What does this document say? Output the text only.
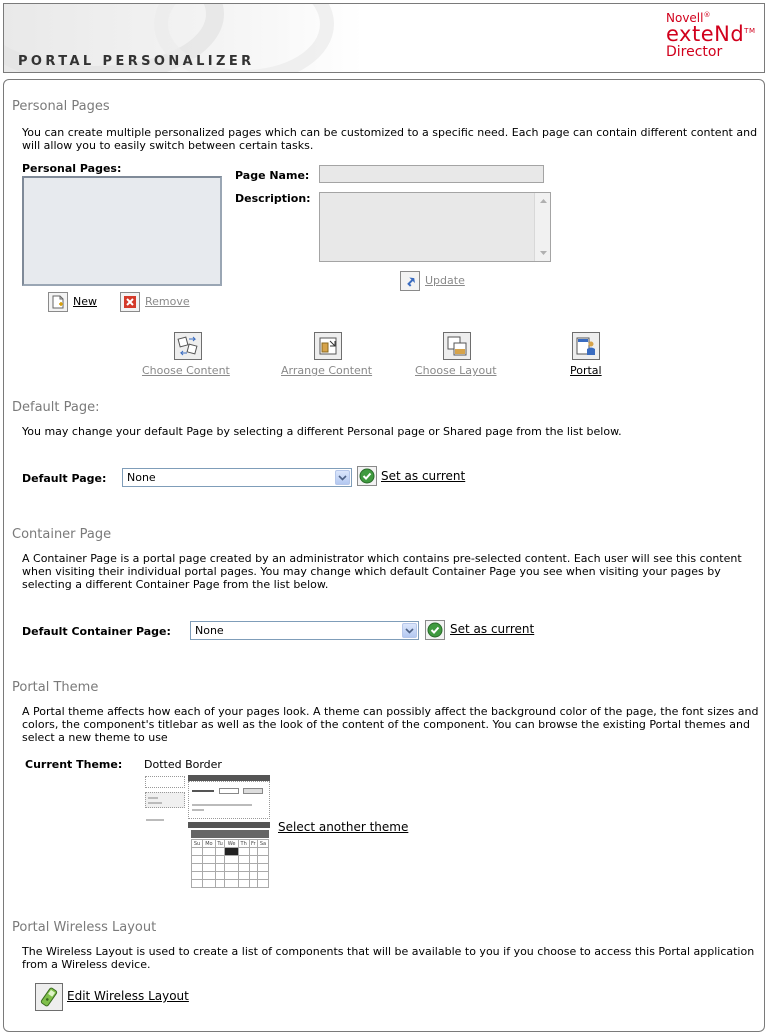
PORTAL PERSONALIZER
Novell®
exteNd™
Director
Personal Pages
You can create multiple personalized pages which can be customized to a specific need. Each page can contain different content and will allow you to easily switch between certain tasks.
Personal Pages:
Page Name:
Description:
Update
New	Remove
Choose Content	Arrange Content	Choose Layout	Portal
Default Page:
You may change your default Page by selecting a different Personal page or Shared page from the list below.
Default Page: None	Set as current
Container Page
A Container Page is a portal page created by an administrator which contains pre-selected content. Each user will see this content when visiting their individual portal pages. You may change which default Container Page you see when visiting your pages by selecting a different Container Page from the list below.
Default Container Page: None	Set as current
Portal Theme
A Portal theme affects how each of your pages look. A theme can possibly affect the background color of the page, the font sizes and colors, the component's titlebar as well as the look of the content of the component. You can browse the existing Portal themes and select a new theme to use
Current Theme: Dotted Border
Su	Mo	Tu	We	Th	Fr	Sa

Select another theme
Portal Wireless Layout
The Wireless Layout is used to create a list of components that will be available to you if you choose to access this Portal application from a Wireless device.
Edit Wireless Layout
